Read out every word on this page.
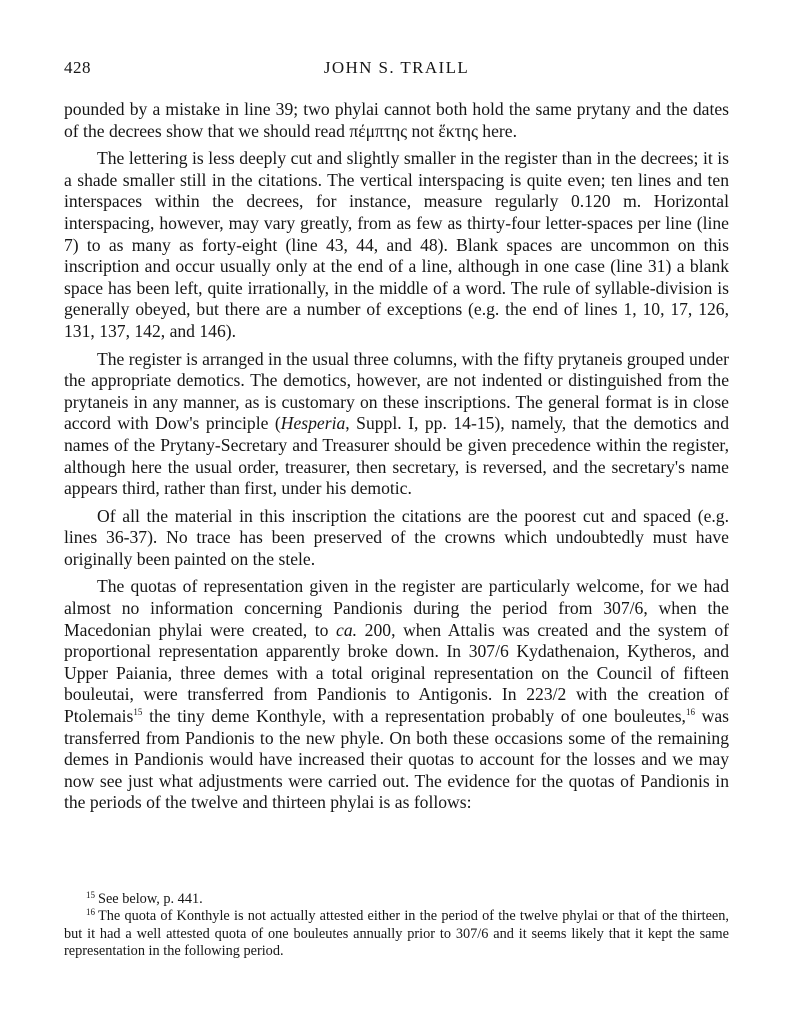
428	JOHN S. TRAILL

pounded by a mistake in line 39; two phylai cannot both hold the same prytany and the dates of the decrees show that we should read πέμπτης not ἕκτης here.

The lettering is less deeply cut and slightly smaller in the register than in the decrees; it is a shade smaller still in the citations. The vertical interspacing is quite even; ten lines and ten interspaces within the decrees, for instance, measure regularly 0.120 m. Horizontal interspacing, however, may vary greatly, from as few as thirty-four letter-spaces per line (line 7) to as many as forty-eight (line 43, 44, and 48). Blank spaces are uncommon on this inscription and occur usually only at the end of a line, although in one case (line 31) a blank space has been left, quite irrationally, in the middle of a word. The rule of syllable-division is generally obeyed, but there are a number of exceptions (e.g. the end of lines 1, 10, 17, 126, 131, 137, 142, and 146).

The register is arranged in the usual three columns, with the fifty prytaneis grouped under the appropriate demotics. The demotics, however, are not indented or distinguished from the prytaneis in any manner, as is customary on these inscriptions. The general format is in close accord with Dow's principle (Hesperia, Suppl. I, pp. 14-15), namely, that the demotics and names of the Prytany-Secretary and Treasurer should be given precedence within the register, although here the usual order, treasurer, then secretary, is reversed, and the secretary's name appears third, rather than first, under his demotic.

Of all the material in this inscription the citations are the poorest cut and spaced (e.g. lines 36-37). No trace has been preserved of the crowns which undoubtedly must have originally been painted on the stele.

The quotas of representation given in the register are particularly welcome, for we had almost no information concerning Pandionis during the period from 307/6, when the Macedonian phylai were created, to ca. 200, when Attalis was created and the system of proportional representation apparently broke down. In 307/6 Kydathenaion, Kytheros, and Upper Paiania, three demes with a total original representation on the Council of fifteen bouleutai, were transferred from Pandionis to Antigonis. In 223/2 with the creation of Ptolemais$^{15}$ the tiny deme Konthyle, with a representation probably of one bouleutes,$^{16}$ was transferred from Pandionis to the new phyle. On both these occasions some of the remaining demes in Pandionis would have increased their quotas to account for the losses and we may now see just what adjustments were carried out. The evidence for the quotas of Pandionis in the periods of the twelve and thirteen phylai is as follows:

$^{15}$ See below, p. 441.

$^{16}$ The quota of Konthyle is not actually attested either in the period of the twelve phylai or that of the thirteen, but it had a well attested quota of one bouleutes annually prior to 307/6 and it seems likely that it kept the same representation in the following period.
